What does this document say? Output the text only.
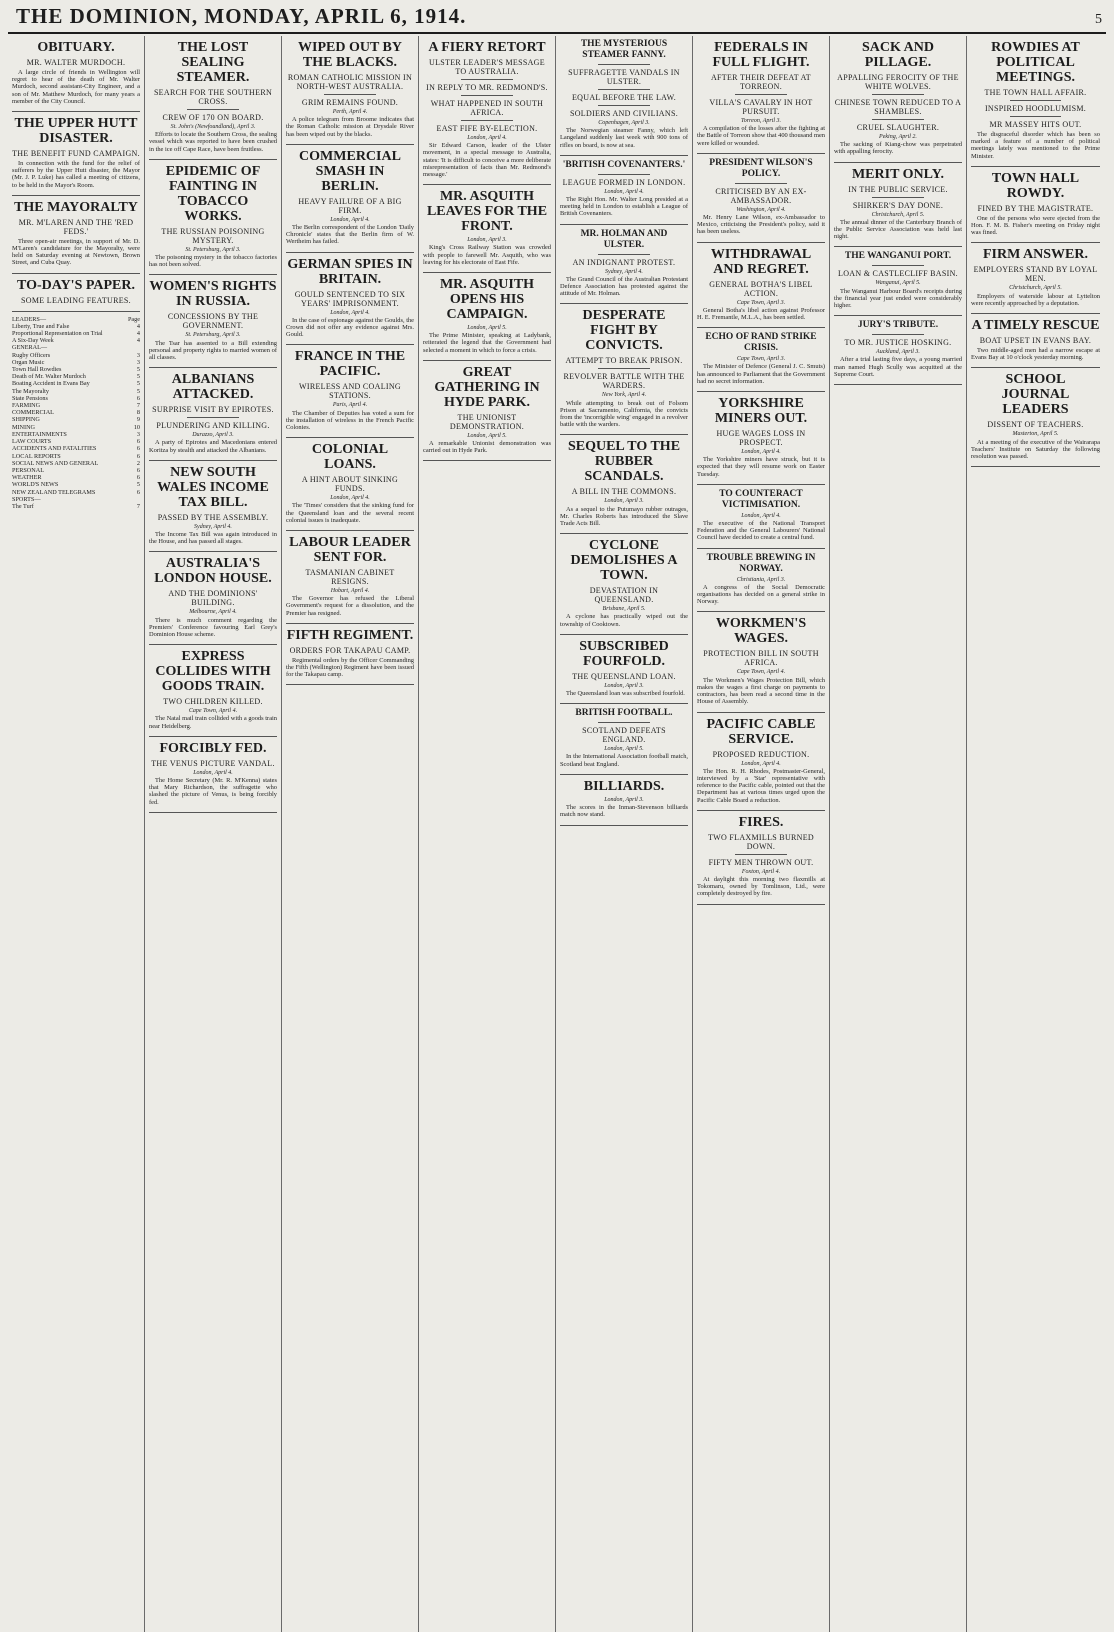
THE DOMINION, MONDAY, APRIL 6, 1914.	5
OBITUARY.
MR. WALTER MURDOCH.

A large circle of friends in Wellington will regret to hear of the death of Mr. Walter Murdoch, second assistant-City Engineer, and a son of Mr. Matthew Murdoch, for many years a member of the City Council.

THE UPPER HUTT DISASTER.
THE BENEFIT FUND CAMPAIGN.

In connection with the fund for the relief of sufferers by the Upper Hutt disaster, the Mayor (Mr. J. P. Luke) has called a meeting of citizens, to be held in the Mayor's Room.

THE MAYORALTY
MR. M'LAREN AND THE 'RED FEDS.'

Three open-air meetings, in support of Mr. D. M'Laren's candidature for the Mayoralty, were held on Saturday evening at Newtown, Brown Street, and Cuba Quay.

TO-DAY'S PAPER.
SOME LEADING FEATURES.
LEADERS—	Page
Liberty, True and False	4
Proportional Representation on Trial	4
A Six-Day Week	4
GENERAL—
Rugby Officers	3
Organ Music	3
Town Hall Rowdies	5
Death of Mr. Walter Murdoch	5
Boating Accident in Evans Bay	5
The Mayoralty	5
State Pensions	6
FARMING	7
COMMERCIAL	8
SHIPPING	9
MINING	10
ENTERTAINMENTS	3
LAW COURTS	6
ACCIDENTS AND FATALITIES	6
LOCAL REPORTS	6
SOCIAL NEWS AND GENERAL	2
PERSONAL	6
WEATHER	6
WORLD'S NEWS	5
NEW ZEALAND TELEGRAMS	6
SPORTS—
The Turf	7
THE LOST SEALING STEAMER.
SEARCH FOR THE SOUTHERN CROSS.
CREW OF 170 ON BOARD.
St. John's (Newfoundland), April 3.

Efforts to locate the Southern Cross, the sealing vessel which was reported to have been crushed in the ice off Cape Race, have been fruitless.

EPIDEMIC OF FAINTING IN TOBACCO WORKS.
THE RUSSIAN POISONING MYSTERY.
St. Petersburg, April 3.

The poisoning mystery in the tobacco factories has not been solved.

WOMEN'S RIGHTS IN RUSSIA.
CONCESSIONS BY THE GOVERNMENT.
St. Petersburg, April 3.

The Tsar has assented to a Bill extending personal and property rights to married women of all classes.

ALBANIANS ATTACKED.
SURPRISE VISIT BY EPIROTES.
PLUNDERING AND KILLING.
Durazzo, April 3.

A party of Epirotes and Macedonians entered Koritza by stealth and attacked the Albanians.

NEW SOUTH WALES INCOME TAX BILL.
PASSED BY THE ASSEMBLY.
Sydney, April 4.

The Income Tax Bill was again introduced in the House, and has passed all stages.

AUSTRALIA'S LONDON HOUSE.
AND THE DOMINIONS' BUILDING.
Melbourne, April 4.

There is much comment regarding the Premiers' Conference favouring Earl Grey's Dominion House scheme.

EXPRESS COLLIDES WITH GOODS TRAIN.
TWO CHILDREN KILLED.
Cape Town, April 4.

The Natal mail train collided with a goods train near Heidelberg.

FORCIBLY FED.
THE VENUS PICTURE VANDAL.
London, April 4.

The Home Secretary (Mr. R. M'Kenna) states that Mary Richardson, the suffragette who slashed the picture of Venus, is being forcibly fed.

WIPED OUT BY THE BLACKS.
ROMAN CATHOLIC MISSION IN NORTH-WEST AUSTRALIA.
GRIM REMAINS FOUND.
Perth, April 4.

A police telegram from Broome indicates that the Roman Catholic mission at Drysdale River has been wiped out by the blacks.

COMMERCIAL SMASH IN BERLIN.
HEAVY FAILURE OF A BIG FIRM.
London, April 4.

The Berlin correspondent of the London 'Daily Chronicle' states that the Berlin firm of W. Wertheim has failed.

GERMAN SPIES IN BRITAIN.
GOULD SENTENCED TO SIX YEARS' IMPRISONMENT.
London, April 4.

In the case of espionage against the Goulds, the Crown did not offer any evidence against Mrs. Gould.

FRANCE IN THE PACIFIC.
WIRELESS AND COALING STATIONS.
Paris, April 4.

The Chamber of Deputies has voted a sum for the installation of wireless in the French Pacific Colonies.

COLONIAL LOANS.
A HINT ABOUT SINKING FUNDS.
London, April 4.

The 'Times' considers that the sinking fund for the Queensland loan and the several recent colonial issues is inadequate.

LABOUR LEADER SENT FOR.
TASMANIAN CABINET RESIGNS.
Hobart, April 4.

The Governor has refused the Liberal Government's request for a dissolution, and the Premier has resigned.

FIFTH REGIMENT.
ORDERS FOR TAKAPAU CAMP.

Regimental orders by the Officer Commanding the Fifth (Wellington) Regiment have been issued for the Takapau camp.

A FIERY RETORT
ULSTER LEADER'S MESSAGE TO AUSTRALIA.
IN REPLY TO MR. REDMOND'S.
WHAT HAPPENED IN SOUTH AFRICA.
EAST FIFE BY-ELECTION.
London, April 4.

Sir Edward Carson, leader of the Ulster movement, in a special message to Australia, states: 'It is difficult to conceive a more deliberate misrepresentation of facts than Mr. Redmond's message.'

MR. ASQUITH LEAVES FOR THE FRONT.
London, April 3.

King's Cross Railway Station was crowded with people to farewell Mr. Asquith, who was leaving for his electorate of East Fife.

MR. ASQUITH OPENS HIS CAMPAIGN.
London, April 5.

The Prime Minister, speaking at Ladybank, reiterated the legend that the Government had selected a moment in which to force a crisis.

GREAT GATHERING IN HYDE PARK.
THE UNIONIST DEMONSTRATION.
London, April 5.

A remarkable Unionist demonstration was carried out in Hyde Park.

THE MYSTERIOUS STEAMER FANNY.
SUFFRAGETTE VANDALS IN ULSTER.
EQUAL BEFORE THE LAW.
SOLDIERS AND CIVILIANS.
Copenhagen, April 3.

The Norwegian steamer Fanny, which left Langeland suddenly last week with 900 tons of rifles on board, is now at sea.

'BRITISH COVENANTERS.'
LEAGUE FORMED IN LONDON.
London, April 4.

The Right Hon. Mr. Walter Long presided at a meeting held in London to establish a League of British Covenanters.

MR. HOLMAN AND ULSTER.
AN INDIGNANT PROTEST.
Sydney, April 4.

The Grand Council of the Australian Protestant Defence Association has protested against the attitude of Mr. Holman.

DESPERATE FIGHT BY CONVICTS.
ATTEMPT TO BREAK PRISON.
REVOLVER BATTLE WITH THE WARDERS.
New York, April 4.

While attempting to break out of Folsom Prison at Sacramento, California, the convicts from the 'incorrigible wing' engaged in a revolver battle with the warders.

SEQUEL TO THE RUBBER SCANDALS.
A BILL IN THE COMMONS.
London, April 3.

As a sequel to the Putumayo rubber outrages, Mr. Charles Roberts has introduced the Slave Trade Acts Bill.

CYCLONE DEMOLISHES A TOWN.
DEVASTATION IN QUEENSLAND.
Brisbane, April 5.

A cyclone has practically wiped out the township of Cooktown.

SUBSCRIBED FOURFOLD.
THE QUEENSLAND LOAN.
London, April 3.

The Queensland loan was subscribed fourfold.

BRITISH FOOTBALL.
SCOTLAND DEFEATS ENGLAND.
London, April 5.

In the International Association football match, Scotland beat England.

BILLIARDS.
London, April 3.

The scores in the Inman-Stevenson billiards match now stand.

FEDERALS IN FULL FLIGHT.
AFTER THEIR DEFEAT AT TORREON.
VILLA'S CAVALRY IN HOT PURSUIT.
Torreon, April 3.

A compilation of the losses after the fighting at the Battle of Torreon show that 400 thousand men were killed or wounded.

PRESIDENT WILSON'S POLICY.
CRITICISED BY AN EX-AMBASSADOR.
Washington, April 4.

Mr. Henry Lane Wilson, ex-Ambassador to Mexico, criticising the President's policy, said it has been useless.

WITHDRAWAL AND REGRET.
GENERAL BOTHA'S LIBEL ACTION.
Cape Town, April 3.

General Botha's libel action against Professor H. E. Fremantle, M.L.A., has been settled.

ECHO OF RAND STRIKE CRISIS.
Cape Town, April 3.

The Minister of Defence (General J. C. Smuts) has announced to Parliament that the Government had no secret information.

YORKSHIRE MINERS OUT.
HUGE WAGES LOSS IN PROSPECT.
London, April 4.

The Yorkshire miners have struck, but it is expected that they will resume work on Easter Tuesday.

TO COUNTERACT VICTIMISATION.
London, April 4.

The executive of the National Transport Federation and the General Labourers' National Council have decided to create a central fund.

TROUBLE BREWING IN NORWAY.
Christiania, April 3.

A congress of the Social Democratic organisations has decided on a general strike in Norway.

WORKMEN'S WAGES.
PROTECTION BILL IN SOUTH AFRICA.
Cape Town, April 4.

The Workmen's Wages Protection Bill, which makes the wages a first charge on payments to contractors, has been read a second time in the House of Assembly.

PACIFIC CABLE SERVICE.
PROPOSED REDUCTION.
London, April 4.

The Hon. R. H. Rhodes, Postmaster-General, interviewed by a 'Star' representative with reference to the Pacific cable, pointed out that the Department has at various times urged upon the Pacific Cable Board a reduction.

FIRES.
TWO FLAXMILLS BURNED DOWN.
FIFTY MEN THROWN OUT.
Foxton, April 4.

At daylight this morning two flaxmills at Tokomaru, owned by Tomlinson, Ltd., were completely destroyed by fire.

SACK AND PILLAGE.
APPALLING FEROCITY OF THE WHITE WOLVES.
CHINESE TOWN REDUCED TO A SHAMBLES.
CRUEL SLAUGHTER.
Peking, April 2.

The sacking of Kiang-chow was perpetrated with appalling ferocity.

MERIT ONLY.
IN THE PUBLIC SERVICE.
SHIRKER'S DAY DONE.
Christchurch, April 5.

The annual dinner of the Canterbury Branch of the Public Service Association was held last night.

THE WANGANUI PORT.
LOAN & CASTLECLIFF BASIN.
Wanganui, April 5.

The Wanganui Harbour Board's receipts during the financial year just ended were considerably higher.

JURY'S TRIBUTE.
TO MR. JUSTICE HOSKING.
Auckland, April 3.

After a trial lasting five days, a young married man named Hugh Scully was acquitted at the Supreme Court.

ROWDIES AT POLITICAL MEETINGS.
THE TOWN HALL AFFAIR.
INSPIRED HOODLUMISM.
MR MASSEY HITS OUT.

The disgraceful disorder which has been so marked a feature of a number of political meetings lately was mentioned to the Prime Minister.

TOWN HALL ROWDY.
FINED BY THE MAGISTRATE.

One of the persons who were ejected from the Hon. F. M. B. Fisher's meeting on Friday night was fined.

FIRM ANSWER.
EMPLOYERS STAND BY LOYAL MEN.
Christchurch, April 5.

Employers of waterside labour at Lyttelton were recently approached by a deputation.

A TIMELY RESCUE
BOAT UPSET IN EVANS BAY.

Two middle-aged men had a narrow escape at Evans Bay at 10 o'clock yesterday morning.

SCHOOL JOURNAL LEADERS
DISSENT OF TEACHERS.
Masterton, April 5.

At a meeting of the executive of the Wairarapa Teachers' Institute on Saturday the following resolution was passed.
